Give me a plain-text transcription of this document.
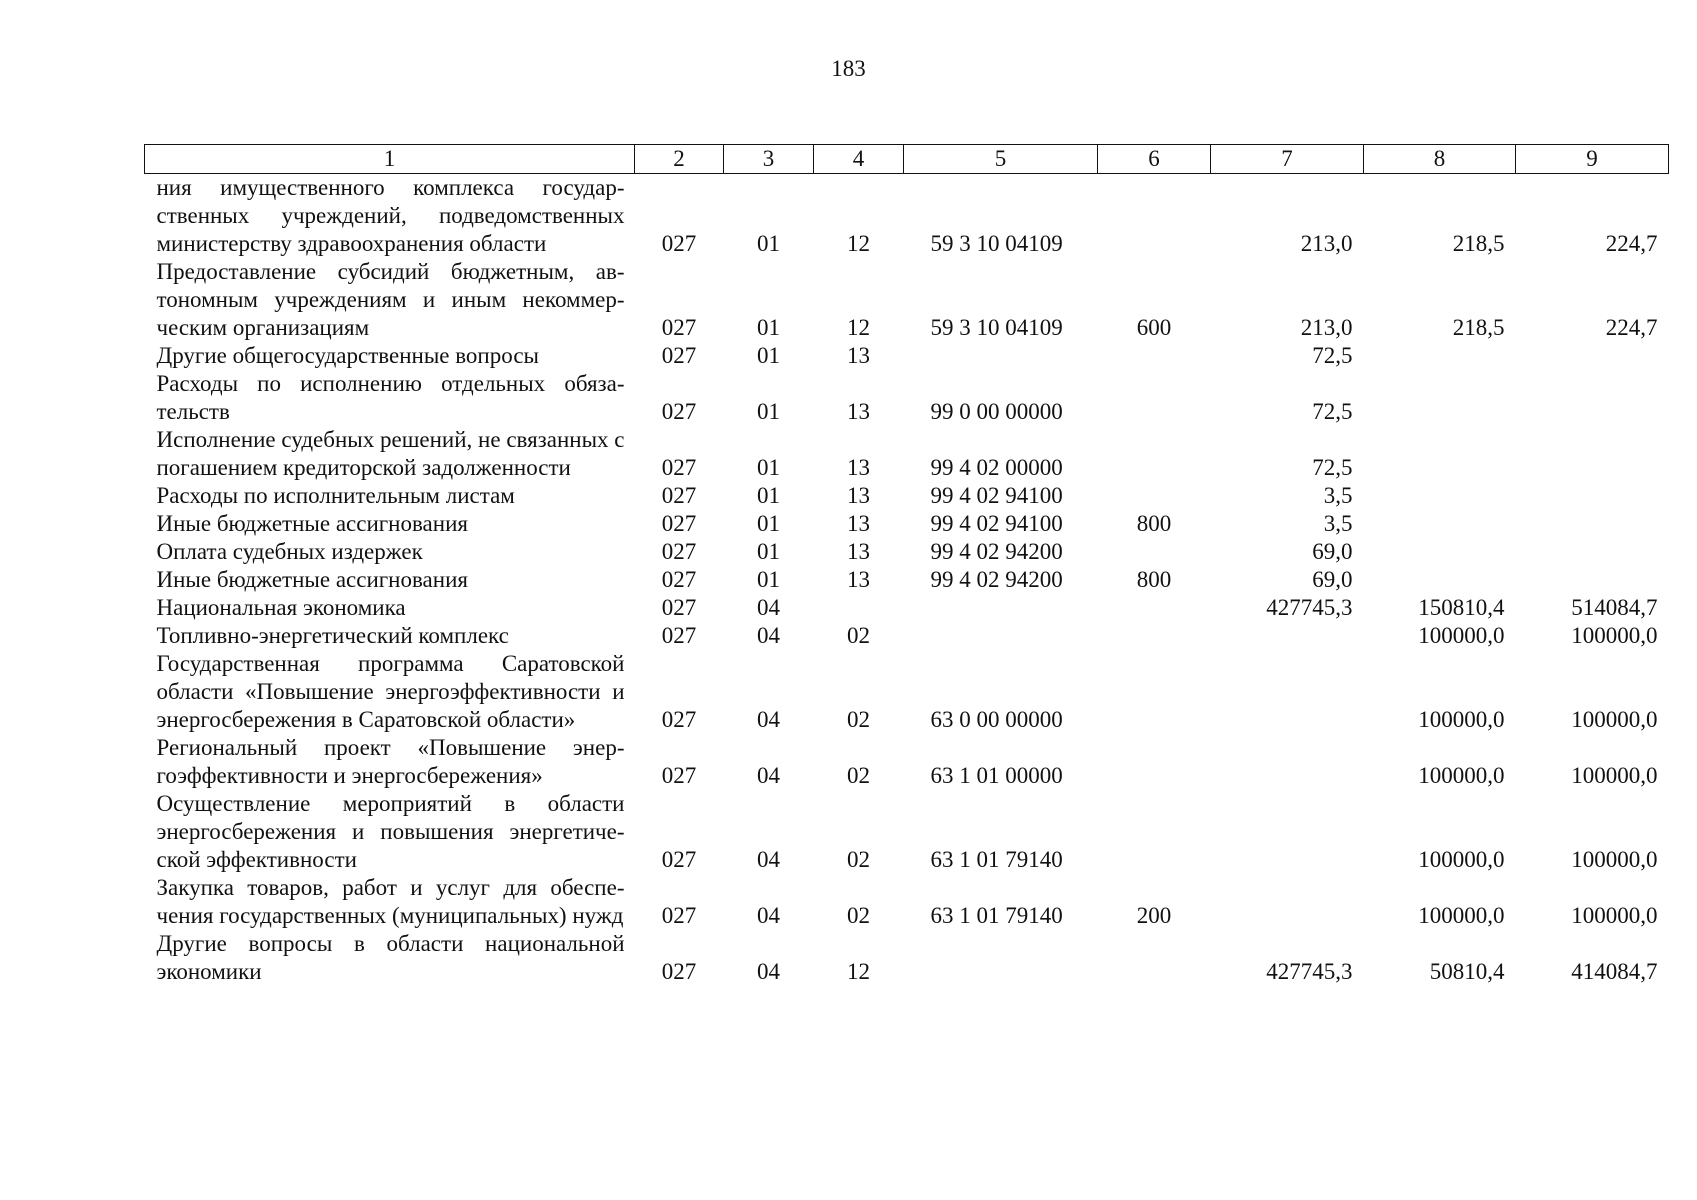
183
1	2	3	4	5	6	7	8	9
ния имущественного комплекса государственных учреждений, подведомственных министерству здравоохранения области	027	01	12	59 3 10 04109		213,0	218,5	224,7
Предоставление субсидий бюджетным, автономным учреждениям и иным некоммерческим организациям	027	01	12	59 3 10 04109	600	213,0	218,5	224,7
Другие общегосударственные вопросы	027	01	13			72,5		
Расходы по исполнению отдельных обязательств	027	01	13	99 0 00 00000		72,5		
Исполнение судебных решений, не связанных с погашением кредиторской задолженности	027	01	13	99 4 02 00000		72,5		
Расходы по исполнительным листам	027	01	13	99 4 02 94100		3,5		
Иные бюджетные ассигнования	027	01	13	99 4 02 94100	800	3,5		
Оплата судебных издержек	027	01	13	99 4 02 94200		69,0		
Иные бюджетные ассигнования	027	01	13	99 4 02 94200	800	69,0		
Национальная экономика	027	04				427745,3	150810,4	514084,7
Топливно-энергетический комплекс	027	04	02				100000,0	100000,0
Государственная программа Саратовской области «Повышение энергоэффективности и энергосбережения в Саратовской области»	027	04	02	63 0 00 00000			100000,0	100000,0
Региональный проект «Повышение энергоэффективности и энергосбережения»	027	04	02	63 1 01 00000			100000,0	100000,0
Осуществление мероприятий в области энергосбережения и повышения энергетической эффективности	027	04	02	63 1 01 79140			100000,0	100000,0
Закупка товаров, работ и услуг для обеспечения государственных (муниципальных) нужд	027	04	02	63 1 01 79140	200		100000,0	100000,0
Другие вопросы в области национальной экономики	027	04	12			427745,3	50810,4	414084,7
